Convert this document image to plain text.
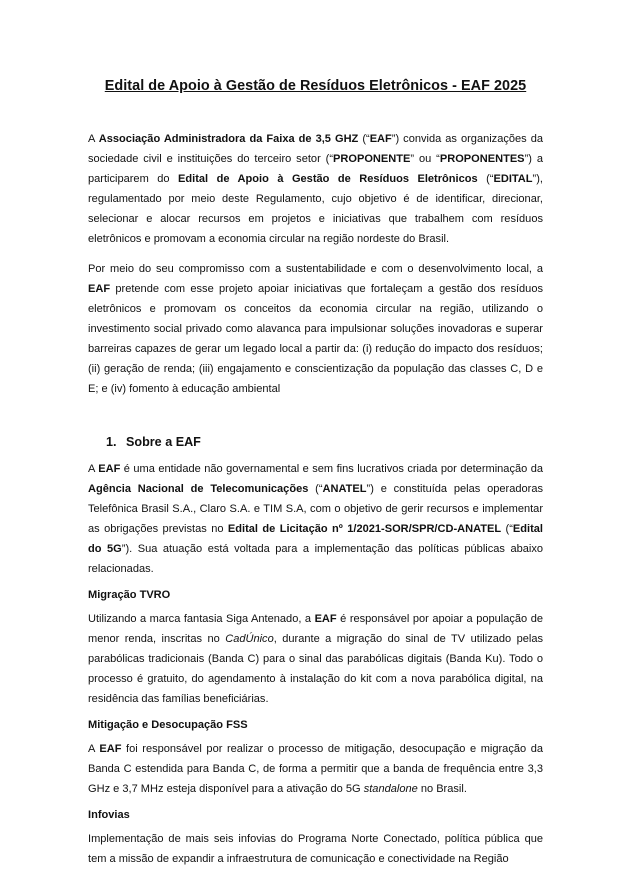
Edital de Apoio à Gestão de Resíduos Eletrônicos - EAF 2025

A Associação Administradora da Faixa de 3,5 GHZ (“EAF”) convida as organizações da sociedade civil e instituições do terceiro setor (“PROPONENTE” ou “PROPONENTES”) a participarem do Edital de Apoio à Gestão de Resíduos Eletrônicos (“EDITAL”), regulamentado por meio deste Regulamento, cujo objetivo é de identificar, direcionar, selecionar e alocar recursos em projetos e iniciativas que trabalhem com resíduos eletrônicos e promovam a economia circular na região nordeste do Brasil.

Por meio do seu compromisso com a sustentabilidade e com o desenvolvimento local, a EAF pretende com esse projeto apoiar iniciativas que fortaleçam a gestão dos resíduos eletrônicos e promovam os conceitos da economia circular na região, utilizando o investimento social privado como alavanca para impulsionar soluções inovadoras e superar barreiras capazes de gerar um legado local a partir da: (i) redução do impacto dos resíduos; (ii) geração de renda; (iii) engajamento e conscientização da população das classes C, D e E; e (iv) fomento à educação ambiental

1. Sobre a EAF

A EAF é uma entidade não governamental e sem fins lucrativos criada por determinação da Agência Nacional de Telecomunicações (“ANATEL”) e constituída pelas operadoras Telefônica Brasil S.A., Claro S.A. e TIM S.A, com o objetivo de gerir recursos e implementar as obrigações previstas no Edital de Licitação nº 1/2021-SOR/SPR/CD-ANATEL (“Edital do 5G”). Sua atuação está voltada para a implementação das políticas públicas abaixo relacionadas.

Migração TVRO

Utilizando a marca fantasia Siga Antenado, a EAF é responsável por apoiar a população de menor renda, inscritas no CadÚnico, durante a migração do sinal de TV utilizado pelas parabólicas tradicionais (Banda C) para o sinal das parabólicas digitais (Banda Ku). Todo o processo é gratuito, do agendamento à instalação do kit com a nova parabólica digital, na residência das famílias beneficiárias.

Mitigação e Desocupação FSS

A EAF foi responsável por realizar o processo de mitigação, desocupação e migração da Banda C estendida para Banda C, de forma a permitir que a banda de frequência entre 3,3 GHz e 3,7 MHz esteja disponível para a ativação do 5G standalone no Brasil.

Infovias

Implementação de mais seis infovias do Programa Norte Conectado, política pública que tem a missão de expandir a infraestrutura de comunicação e conectividade na Região
